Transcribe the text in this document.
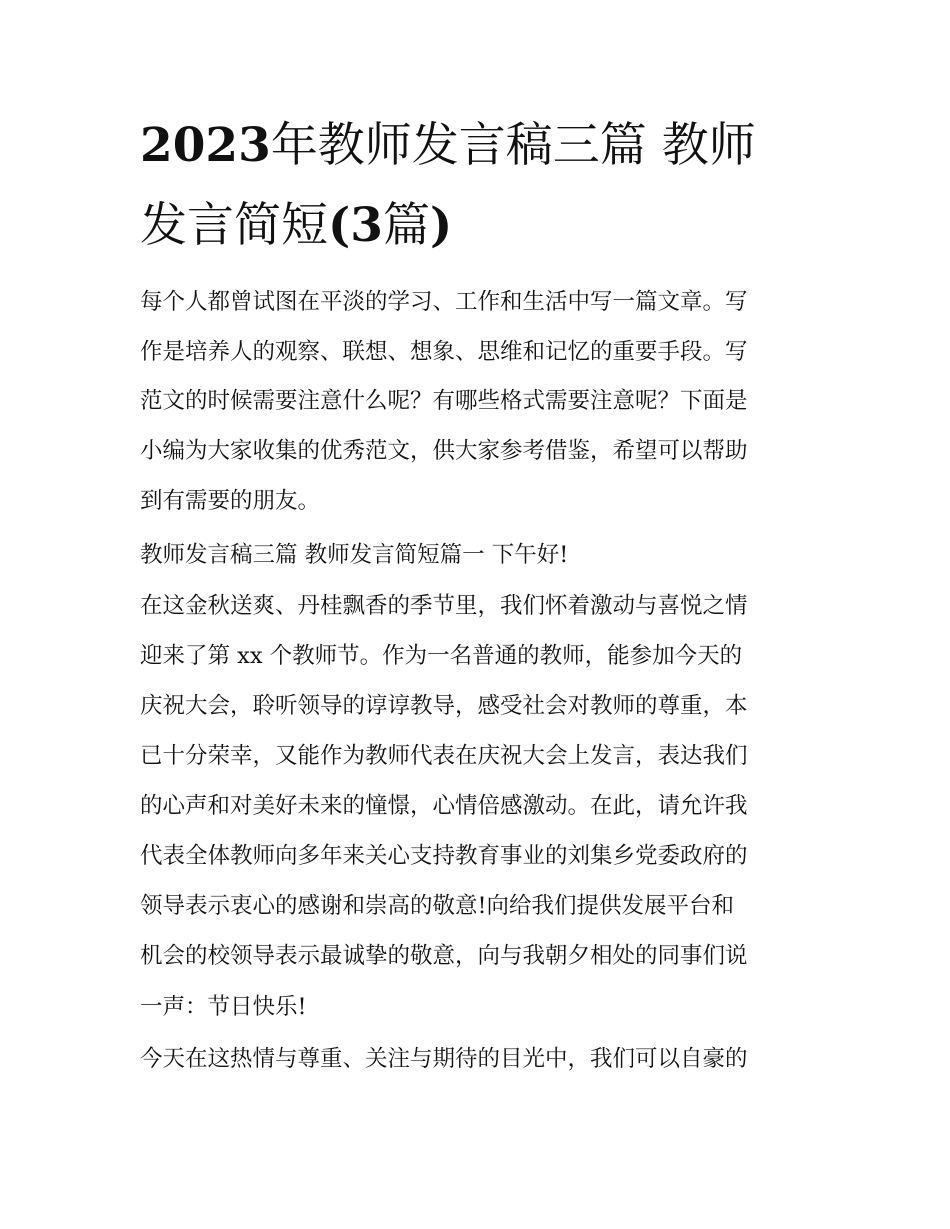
2023年教师发言稿三篇 教师
发言简短(3篇)
每个人都曾试图在平淡的学习、工作和生活中写一篇文章。写
作是培养人的观察、联想、想象、思维和记忆的重要手段。写
范文的时候需要注意什么呢？有哪些格式需要注意呢？下面是
小编为大家收集的优秀范文，供大家参考借鉴，希望可以帮助
到有需要的朋友。
教师发言稿三篇 教师发言简短篇一 下午好!
在这金秋送爽、丹桂飘香的季节里，我们怀着激动与喜悦之情
迎来了第 xx 个教师节。作为一名普通的教师，能参加今天的
庆祝大会，聆听领导的谆谆教导，感受社会对教师的尊重，本
已十分荣幸，又能作为教师代表在庆祝大会上发言，表达我们
的心声和对美好未来的憧憬，心情倍感激动。在此，请允许我
代表全体教师向多年来关心支持教育事业的刘集乡党委政府的
领导表示衷心的感谢和崇高的敬意!向给我们提供发展平台和
机会的校领导表示最诚挚的敬意，向与我朝夕相处的同事们说
一声：节日快乐!
今天在这热情与尊重、关注与期待的目光中，我们可以自豪的
